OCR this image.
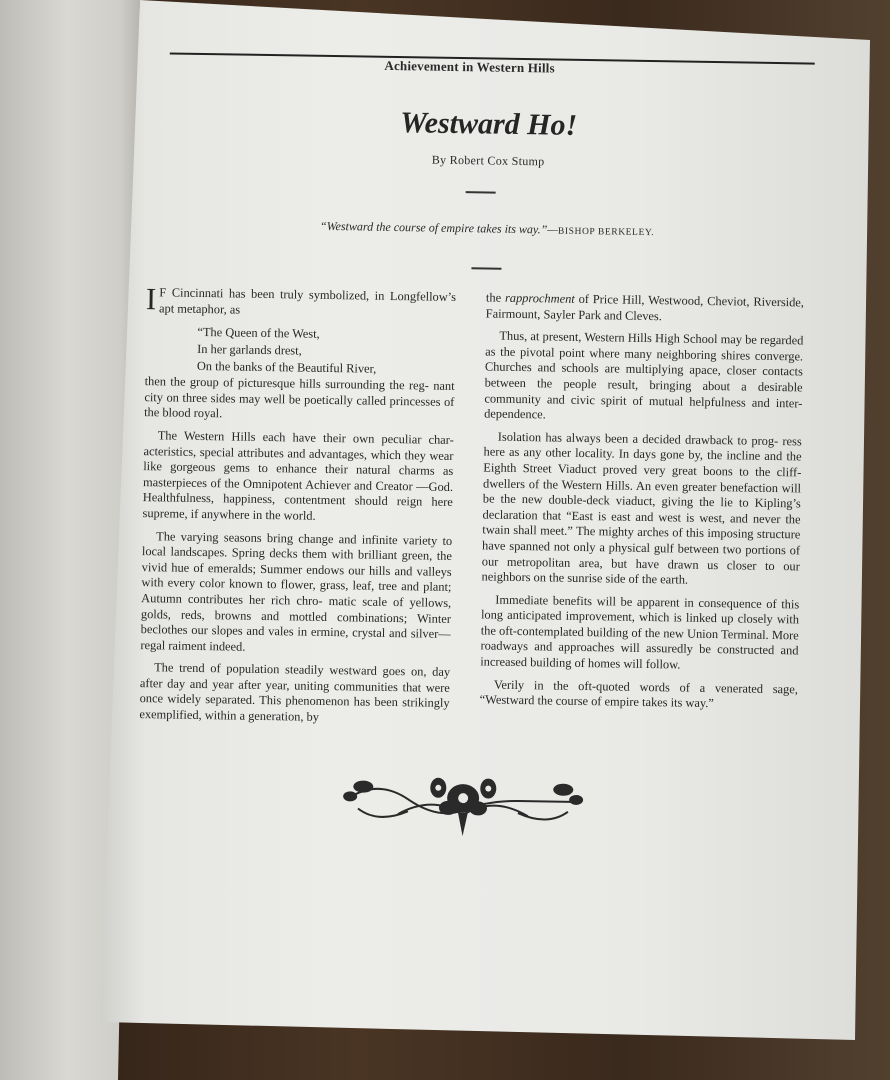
Achievement in Western Hills
Westward Ho!
By Robert Cox Stump
“Westward the course of empire takes its way.”—BISHOP BERKELEY.

I F Cincinnati has been truly symbolized, in Longfellow’s apt metaphor, as

“The Queen of the West,
In her garlands drest,
On the banks of the Beautiful River,

then the group of picturesque hills surrounding the reg- nant city on three sides may well be poetically called princesses of the blood royal.

The Western Hills each have their own peculiar char- acteristics, special attributes and advantages, which they wear like gorgeous gems to enhance their natural charms as masterpieces of the Omnipotent Achiever and Creator —God. Healthfulness, happiness, contentment should reign here supreme, if anywhere in the world.

The varying seasons bring change and infinite variety to local landscapes. Spring decks them with brilliant green, the vivid hue of emeralds; Summer endows our hills and valleys with every color known to flower, grass, leaf, tree and plant; Autumn contributes her rich chro- matic scale of yellows, golds, reds, browns and mottled combinations; Winter beclothes our slopes and vales in ermine, crystal and silver—regal raiment indeed.

The trend of population steadily westward goes on, day after day and year after year, uniting communities that were once widely separated. This phenomenon has been strikingly exemplified, within a generation, by

the rapprochment of Price Hill, Westwood, Cheviot, Riverside, Fairmount, Sayler Park and Cleves.

Thus, at present, Western Hills High School may be regarded as the pivotal point where many neighboring shires converge. Churches and schools are multiplying apace, closer contacts between the people result, bringing about a desirable community and civic spirit of mutual helpfulness and inter-dependence.

Isolation has always been a decided drawback to prog- ress here as any other locality. In days gone by, the incline and the Eighth Street Viaduct proved very great boons to the cliff-dwellers of the Western Hills. An even greater benefaction will be the new double-deck viaduct, giving the lie to Kipling’s declaration that “East is east and west is west, and never the twain shall meet.” The mighty arches of this imposing structure have spanned not only a physical gulf between two portions of our metropolitan area, but have drawn us closer to our neighbors on the sunrise side of the earth.

Immediate benefits will be apparent in consequence of this long anticipated improvement, which is linked up closely with the oft-contemplated building of the new Union Terminal. More roadways and approaches will assuredly be constructed and increased building of homes will follow.

Verily in the oft-quoted words of a venerated sage, “Westward the course of empire takes its way.”
